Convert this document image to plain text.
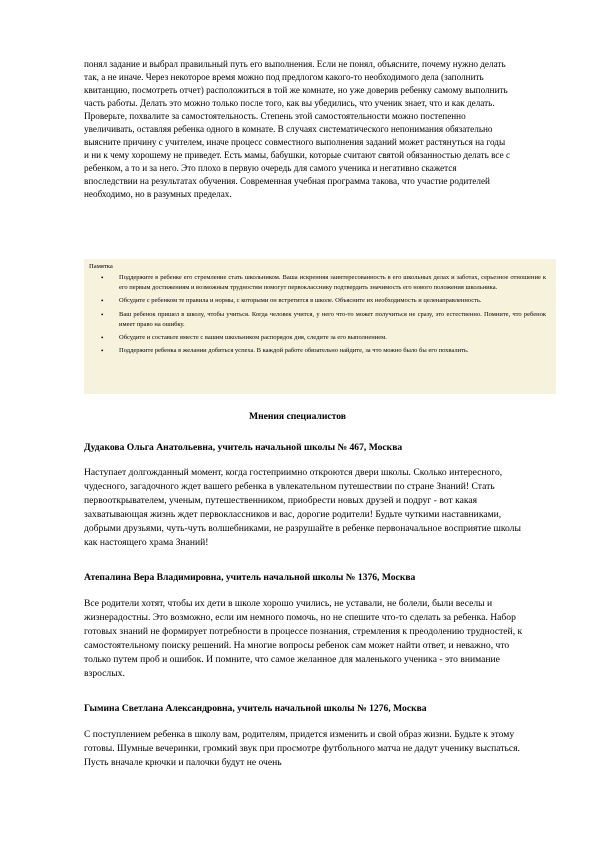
понял задание и выбрал правильный путь его выполнения. Если не понял, объясните, почему нужно делать так, а не иначе. Через некоторое время можно под предлогом какого-то необходимого дела (заполнить квитанцию, посмотреть отчет) расположиться в той же комнате, но уже доверив ребенку самому выполнить часть работы. Делать это можно только после того, как вы убедились, что ученик знает, что и как делать. Проверьте, похвалите за самостоятельность. Степень этой самостоятельности можно постепенно увеличивать, оставляя ребенка одного в комнате. В случаях систематического непонимания обязательно выясните причину с учителем, иначе процесс совместного выполнения заданий может растянуться на годы и ни к чему хорошему не приведет. Есть мамы, бабушки, которые считают святой обязанностью делать все с ребенком, а то и за него. Это плохо в первую очередь для самого ученика и негативно скажется впоследствии на результатах обучения. Современная учебная программа такова, что участие родителей необходимо, но в разумных пределах.

Памятка

• Поддержите в ребенке его стремление стать школьником. Ваша искренняя заинтересованность в его школьных делах и заботах, серьезное отношение к его первым достижениям и возможным трудностям помогут первокласснику подтвердить значимость его нового положения школьника.
• Обсудите с ребенком те правила и нормы, с которыми он встретится в школе. Объясните их необходимость и целенаправленность.
• Ваш ребенок пришел в школу, чтобы учиться. Когда человек учится, у него что-то может получиться не сразу, это естественно. Помните, что ребенок имеет право на ошибку.
• Обсудите и составьте вместе с вашим школьником распорядок дня, следите за его выполнением.
• Поддержите ребенка в желании добиться успеха. В каждой работе обязательно найдите, за что можно было бы его похвалить.

Мнения специалистов

Дудакова Ольга Анатольевна, учитель начальной школы № 467, Москва

Наступает долгожданный момент, когда гостеприимно откроются двери школы. Сколько интересного, чудесного, загадочного ждет вашего ребенка в увлекательном путешествии по стране Знаний! Стать первооткрывателем, ученым, путешественником, приобрести новых друзей и подруг - вот какая захватывающая жизнь ждет первоклассников и вас, дорогие родители! Будьте чуткими наставниками, добрыми друзьями, чуть-чуть волшебниками, не разрушайте в ребенке первоначальное восприятие школы как настоящего храма Знаний!

Атепалина Вера Владимировна, учитель начальной школы № 1376, Москва

Все родители хотят, чтобы их дети в школе хорошо учились, не уставали, не болели, были веселы и жизнерадостны. Это возможно, если им немного помочь, но не спешите что-то сделать за ребенка. Набор готовых знаний не формирует потребности в процессе познания, стремления к преодолению трудностей, к самостоятельному поиску решений. На многие вопросы ребенок сам может найти ответ, и неважно, что только путем проб и ошибок. И помните, что самое желанное для маленького ученика - это внимание взрослых.

Гымина Светлана Александровна, учитель начальной школы № 1276, Москва

С поступлением ребенка в школу вам, родителям, придется изменить и свой образ жизни. Будьте к этому готовы. Шумные вечеринки, громкий звук при просмотре футбольного матча не дадут ученику выспаться. Пусть вначале крючки и палочки будут не очень
